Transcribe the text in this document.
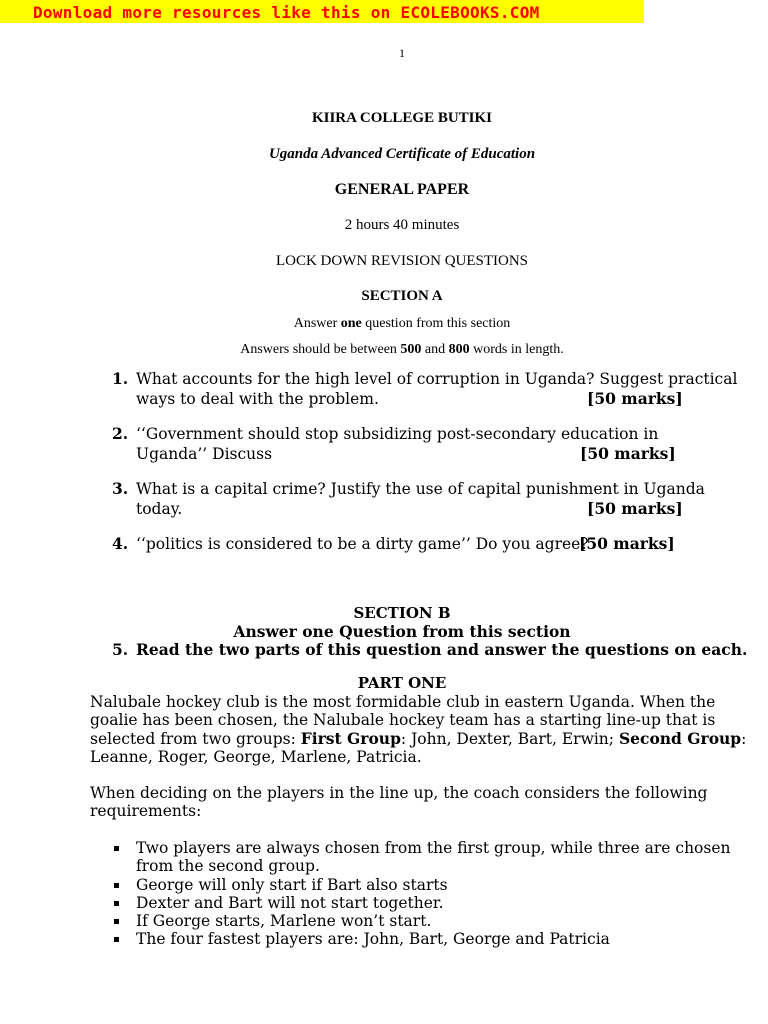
Download more resources like this on ECOLEBOOKS.COM
1
KIIRA COLLEGE BUTIKI
Uganda Advanced Certificate of Education
GENERAL PAPER
2 hours 40 minutes
LOCK DOWN REVISION QUESTIONS
SECTION A
Answer one question from this section
Answers should be between 500 and 800 words in length.
1. What accounts for the high level of corruption in Uganda? Suggest practical
ways to deal with the problem.	[50 marks]
2. ‘‘Government should stop subsidizing post-secondary education in
Uganda’’ Discuss	[50 marks]
3. What is a capital crime? Justify the use of capital punishment in Uganda
today.	[50 marks]
4. ‘‘politics is considered to be a dirty game’’ Do you agree?
[50 marks]
SECTION B
Answer one Question from this section
5. Read the two parts of this question and answer the questions on each.
PART ONE
Nalubale hockey club is the most formidable club in eastern Uganda. When the
goalie has been chosen, the Nalubale hockey team has a starting line-up that is
selected from two groups: First Group: John, Dexter, Bart, Erwin; Second Group:
Leanne, Roger, George, Marlene, Patricia.
When deciding on the players in the line up, the coach considers the following
requirements:
Two players are always chosen from the first group, while three are chosen
from the second group.
George will only start if Bart also starts
Dexter and Bart will not start together.
If George starts, Marlene won’t start.
The four fastest players are: John, Bart, George and Patricia
